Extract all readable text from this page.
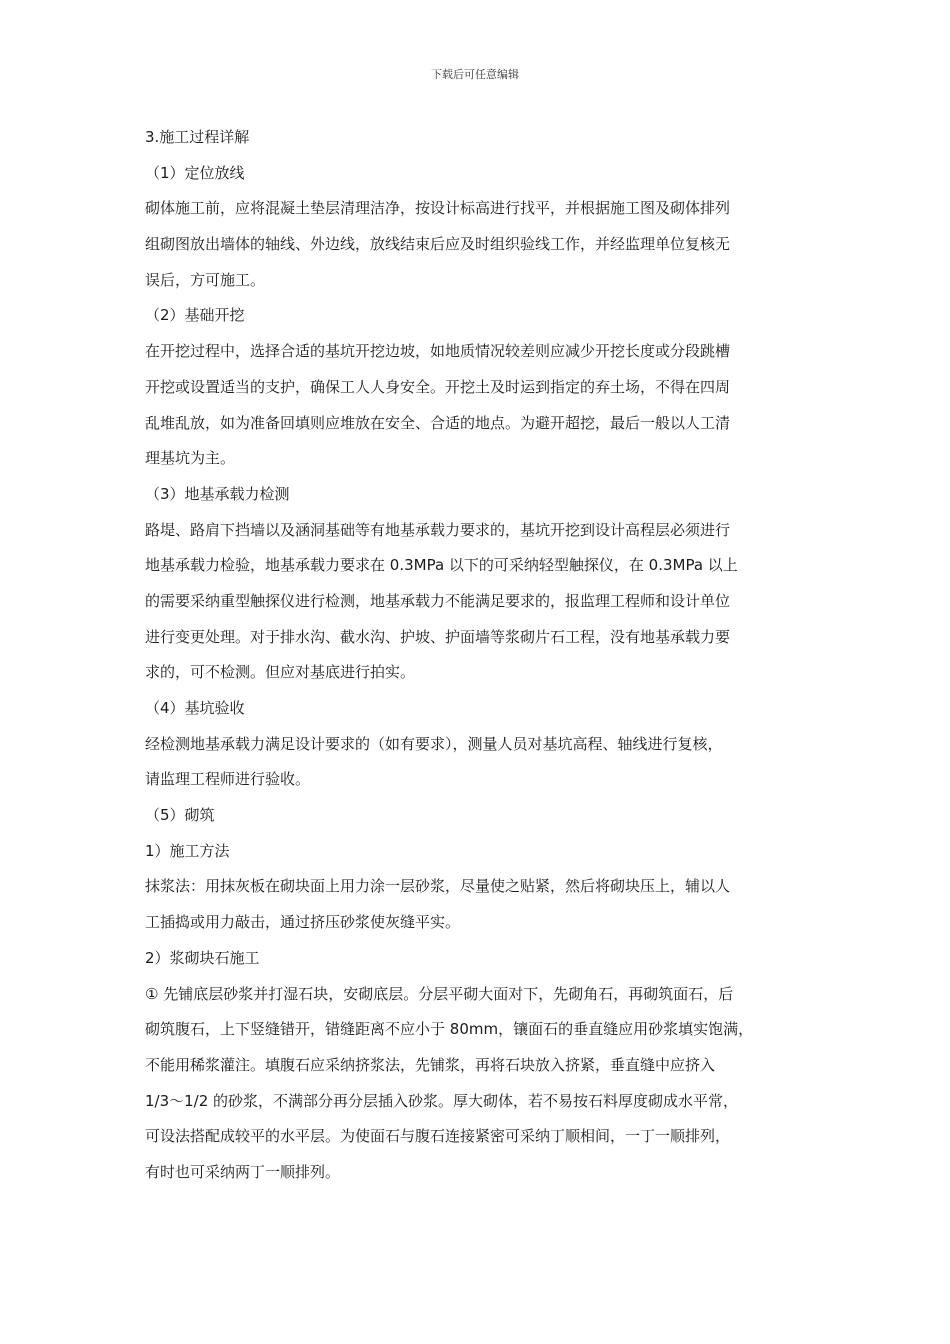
下载后可任意编辑
3.施工过程详解
（1）定位放线
砌体施工前，应将混凝土垫层清理洁净，按设计标高进行找平，并根据施工图及砌体排列
组砌图放出墙体的轴线、外边线，放线结束后应及时组织验线工作，并经监理单位复核无
误后，方可施工。
（2）基础开挖
在开挖过程中，选择合适的基坑开挖边坡，如地质情况较差则应减少开挖长度或分段跳槽
开挖或设置适当的支护，确保工人人身安全。开挖土及时运到指定的弃土场，不得在四周
乱堆乱放，如为准备回填则应堆放在安全、合适的地点。为避开超挖，最后一般以人工清
理基坑为主。
（3）地基承载力检测
路堤、路肩下挡墙以及涵洞基础等有地基承载力要求的，基坑开挖到设计高程层必须进行
地基承载力检验，地基承载力要求在 0.3MPa 以下的可采纳轻型触探仪，在 0.3MPa 以上
的需要采纳重型触探仪进行检测，地基承载力不能满足要求的，报监理工程师和设计单位
进行变更处理。对于排水沟、截水沟、护坡、护面墙等浆砌片石工程，没有地基承载力要
求的，可不检测。但应对基底进行拍实。
（4）基坑验收
经检测地基承载力满足设计要求的（如有要求），测量人员对基坑高程、轴线进行复核，
请监理工程师进行验收。
（5）砌筑
1）施工方法
抹浆法：用抹灰板在砌块面上用力涂一层砂浆，尽量使之贴紧，然后将砌块压上，辅以人
工插捣或用力敲击，通过挤压砂浆使灰缝平实。
2）浆砌块石施工
① 先铺底层砂浆并打湿石块，安砌底层。分层平砌大面对下，先砌角石，再砌筑面石，后
砌筑腹石，上下竖缝错开，错缝距离不应小于 80mm，镶面石的垂直缝应用砂浆填实饱满，
不能用稀浆灌注。填腹石应采纳挤浆法，先铺浆，再将石块放入挤紧，垂直缝中应挤入
1/3～1/2 的砂浆，不满部分再分层插入砂浆。厚大砌体，若不易按石料厚度砌成水平常，
可设法搭配成较平的水平层。为使面石与腹石连接紧密可采纳丁顺相间，一丁一顺排列，
有时也可采纳两丁一顺排列。
